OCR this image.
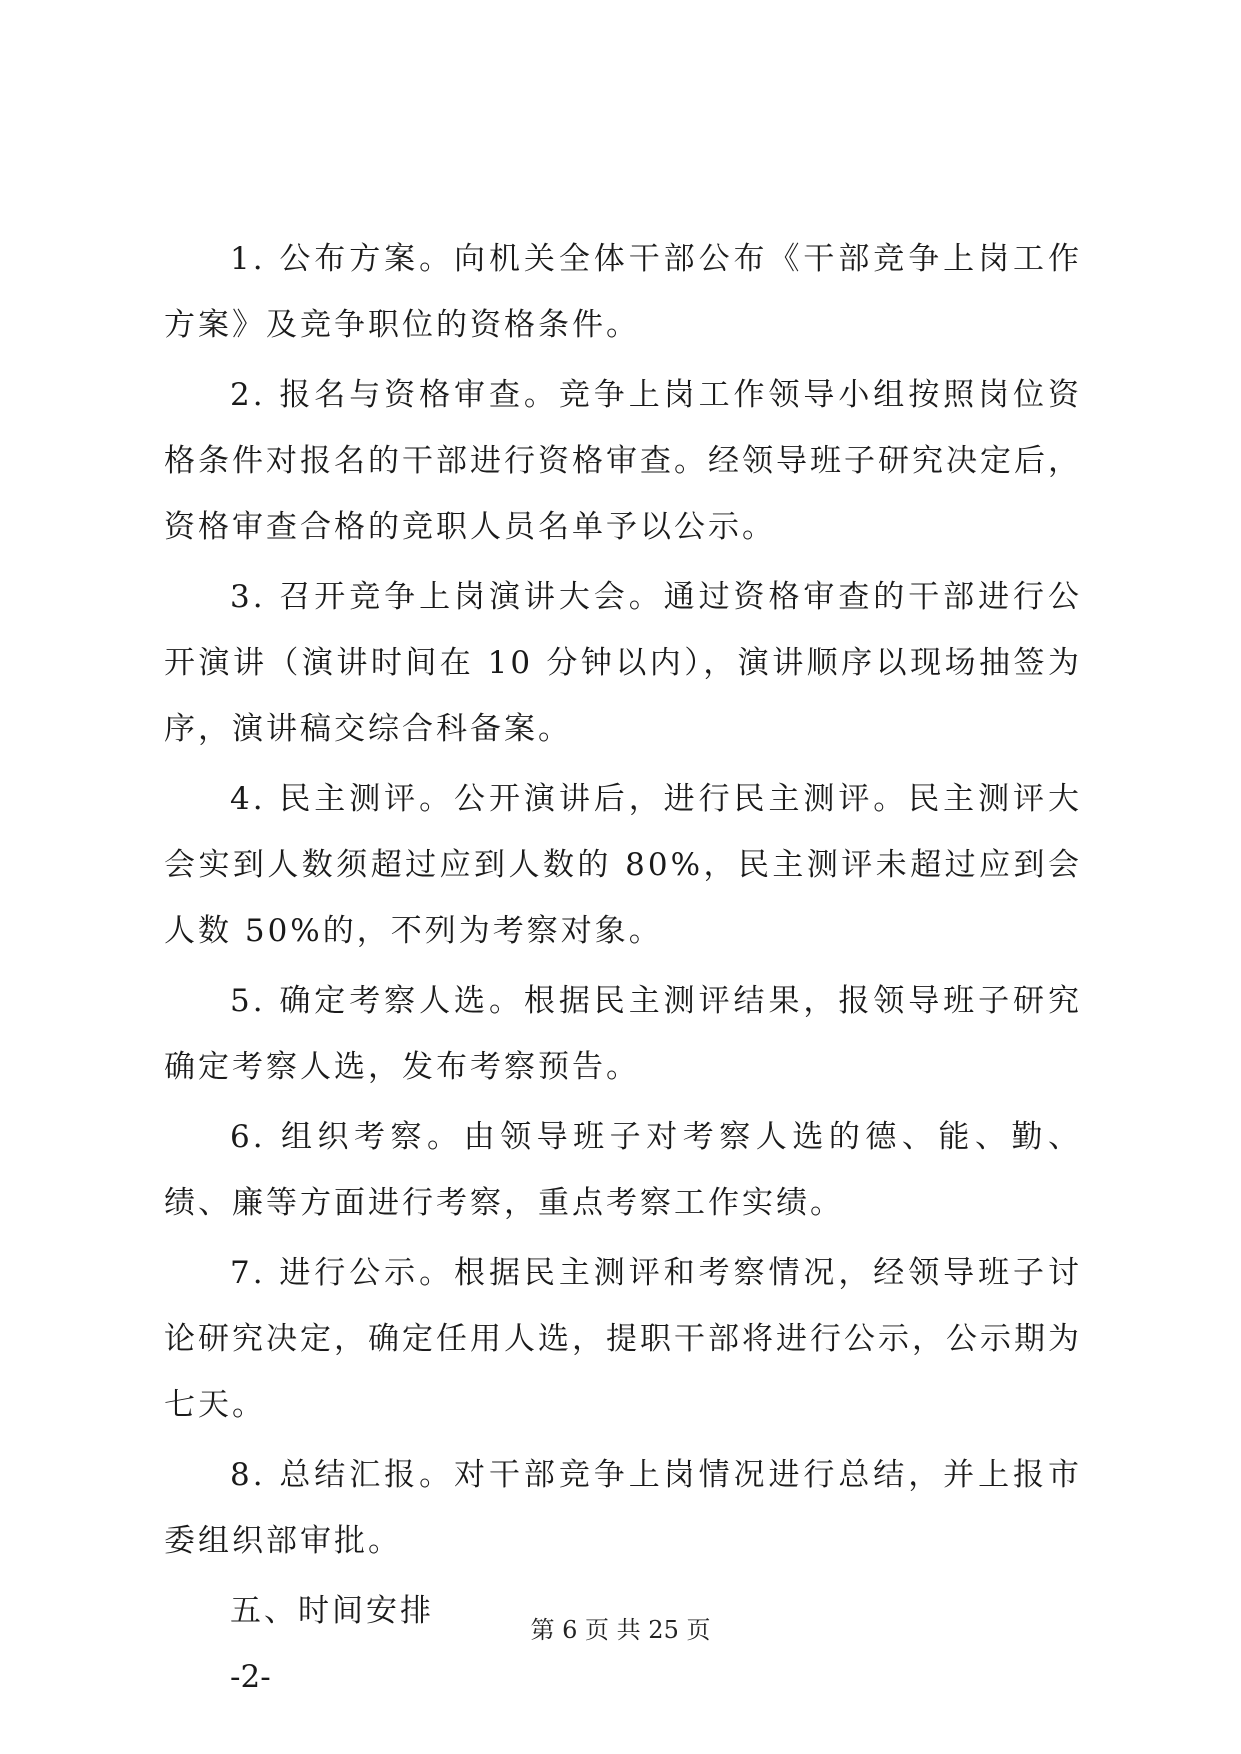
1. 公布方案。向机关全体干部公布《干部竞争上岗工作方案》及竞争职位的资格条件。

2. 报名与资格审查。竞争上岗工作领导小组按照岗位资格条件对报名的干部进行资格审查。经领导班子研究决定后，资格审查合格的竞职人员名单予以公示。

3. 召开竞争上岗演讲大会。通过资格审查的干部进行公开演讲（演讲时间在 10 分钟以内），演讲顺序以现场抽签为序，演讲稿交综合科备案。

4. 民主测评。公开演讲后，进行民主测评。民主测评大会实到人数须超过应到人数的 80%，民主测评未超过应到会人数 50%的，不列为考察对象。

5. 确定考察人选。根据民主测评结果，报领导班子研究确定考察人选，发布考察预告。

6. 组织考察。由领导班子对考察人选的德、能、勤、绩、廉等方面进行考察，重点考察工作实绩。

7. 进行公示。根据民主测评和考察情况，经领导班子讨论研究决定，确定任用人选，提职干部将进行公示，公示期为七天。

8. 总结汇报。对干部竞争上岗情况进行总结，并上报市委组织部审批。

五、时间安排

-2-

第 6 页 共 25 页
